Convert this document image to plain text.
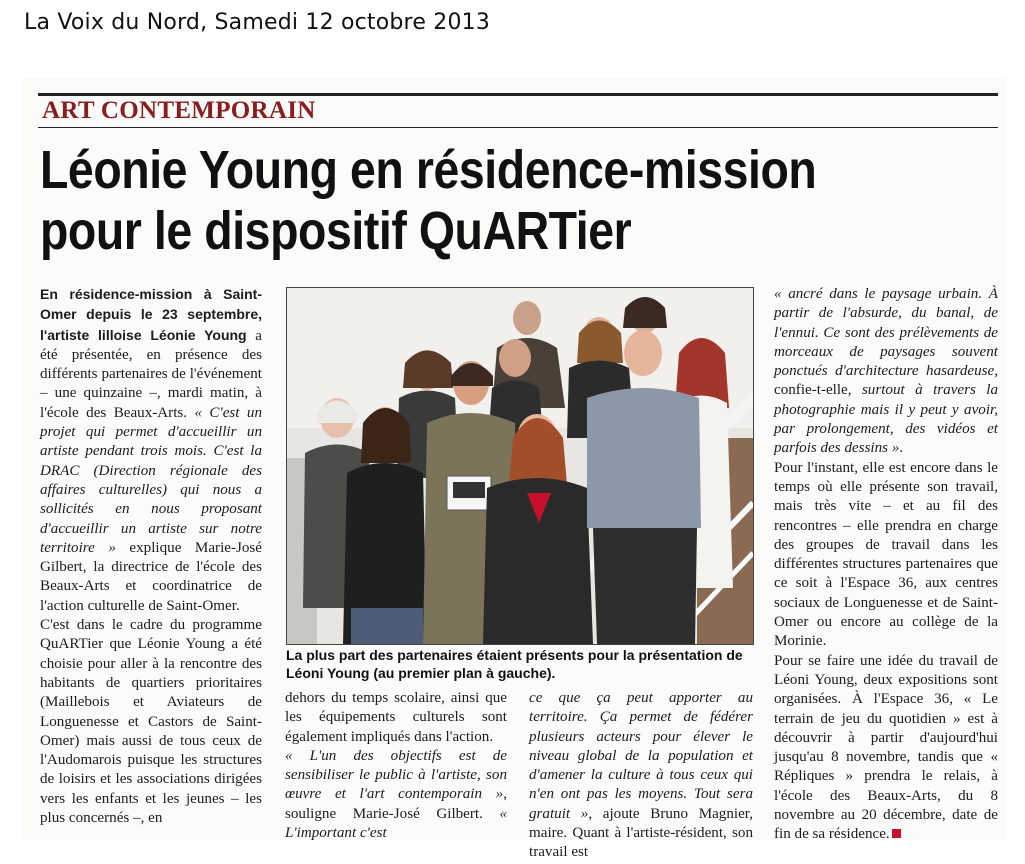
La Voix du Nord, Samedi 12 octobre 2013
ART CONTEMPORAIN
Léonie Young en résidence-mission
pour le dispositif QuARTier

En résidence-mission à Saint-Omer depuis le 23 septembre, l'artiste lilloise Léonie Young a été présentée, en présence des différents partenaires de l'événement – une quinzaine –, mardi matin, à l'école des Beaux-Arts. « C'est un projet qui permet d'accueillir un artiste pendant trois mois. C'est la DRAC (Direction régionale des affaires culturelles) qui nous a sollicités en nous proposant d'accueillir un artiste sur notre territoire » explique Marie-José Gilbert, la directrice de l'école des Beaux-Arts et coordinatrice de l'action culturelle de Saint-Omer.

C'est dans le cadre du programme QuARTier que Léonie Young a été choisie pour aller à la rencontre des habitants de quartiers prioritaires (Maillebois et Aviateurs de Longuenesse et Castors de Saint-Omer) mais aussi de tous ceux de l'Audomarois puisque les structures de loisirs et les associations dirigées vers les enfants et les jeunes – les plus concernés –, en

La plus part des partenaires étaient présents pour la présentation de Léoni Young (au premier plan à gauche).

dehors du temps scolaire, ainsi que les équipements culturels sont également impliqués dans l'action.

« L'un des objectifs est de sensibiliser le public à l'artiste, son œuvre et l'art contemporain », souligne Marie-José Gilbert. « L'important c'est

ce que ça peut apporter au territoire. Ça permet de fédérer plusieurs acteurs pour élever le niveau global de la population et d'amener la culture à tous ceux qui n'en ont pas les moyens. Tout sera gratuit », ajoute Bruno Magnier, maire. Quant à l'artiste-résident, son travail est

« ancré dans le paysage urbain. À partir de l'absurde, du banal, de l'ennui. Ce sont des prélèvements de morceaux de paysages souvent ponctués d'architecture hasardeuse, confie-t-elle, surtout à travers la photographie mais il y peut y avoir, par prolongement, des vidéos et parfois des dessins ».

Pour l'instant, elle est encore dans le temps où elle présente son travail, mais très vite – et au fil des rencontres – elle prendra en charge des groupes de travail dans les différentes structures partenaires que ce soit à l'Espace 36, aux centres sociaux de Longuenesse et de Saint-Omer ou encore au collège de la Morinie.

Pour se faire une idée du travail de Léoni Young, deux expositions sont organisées. À l'Espace 36, « Le terrain de jeu du quotidien » est à découvrir à partir d'aujourd'hui jusqu'au 8 novembre, tandis que « Répliques » prendra le relais, à l'école des Beaux-Arts, du 8 novembre au 20 décembre, date de fin de sa résidence.
